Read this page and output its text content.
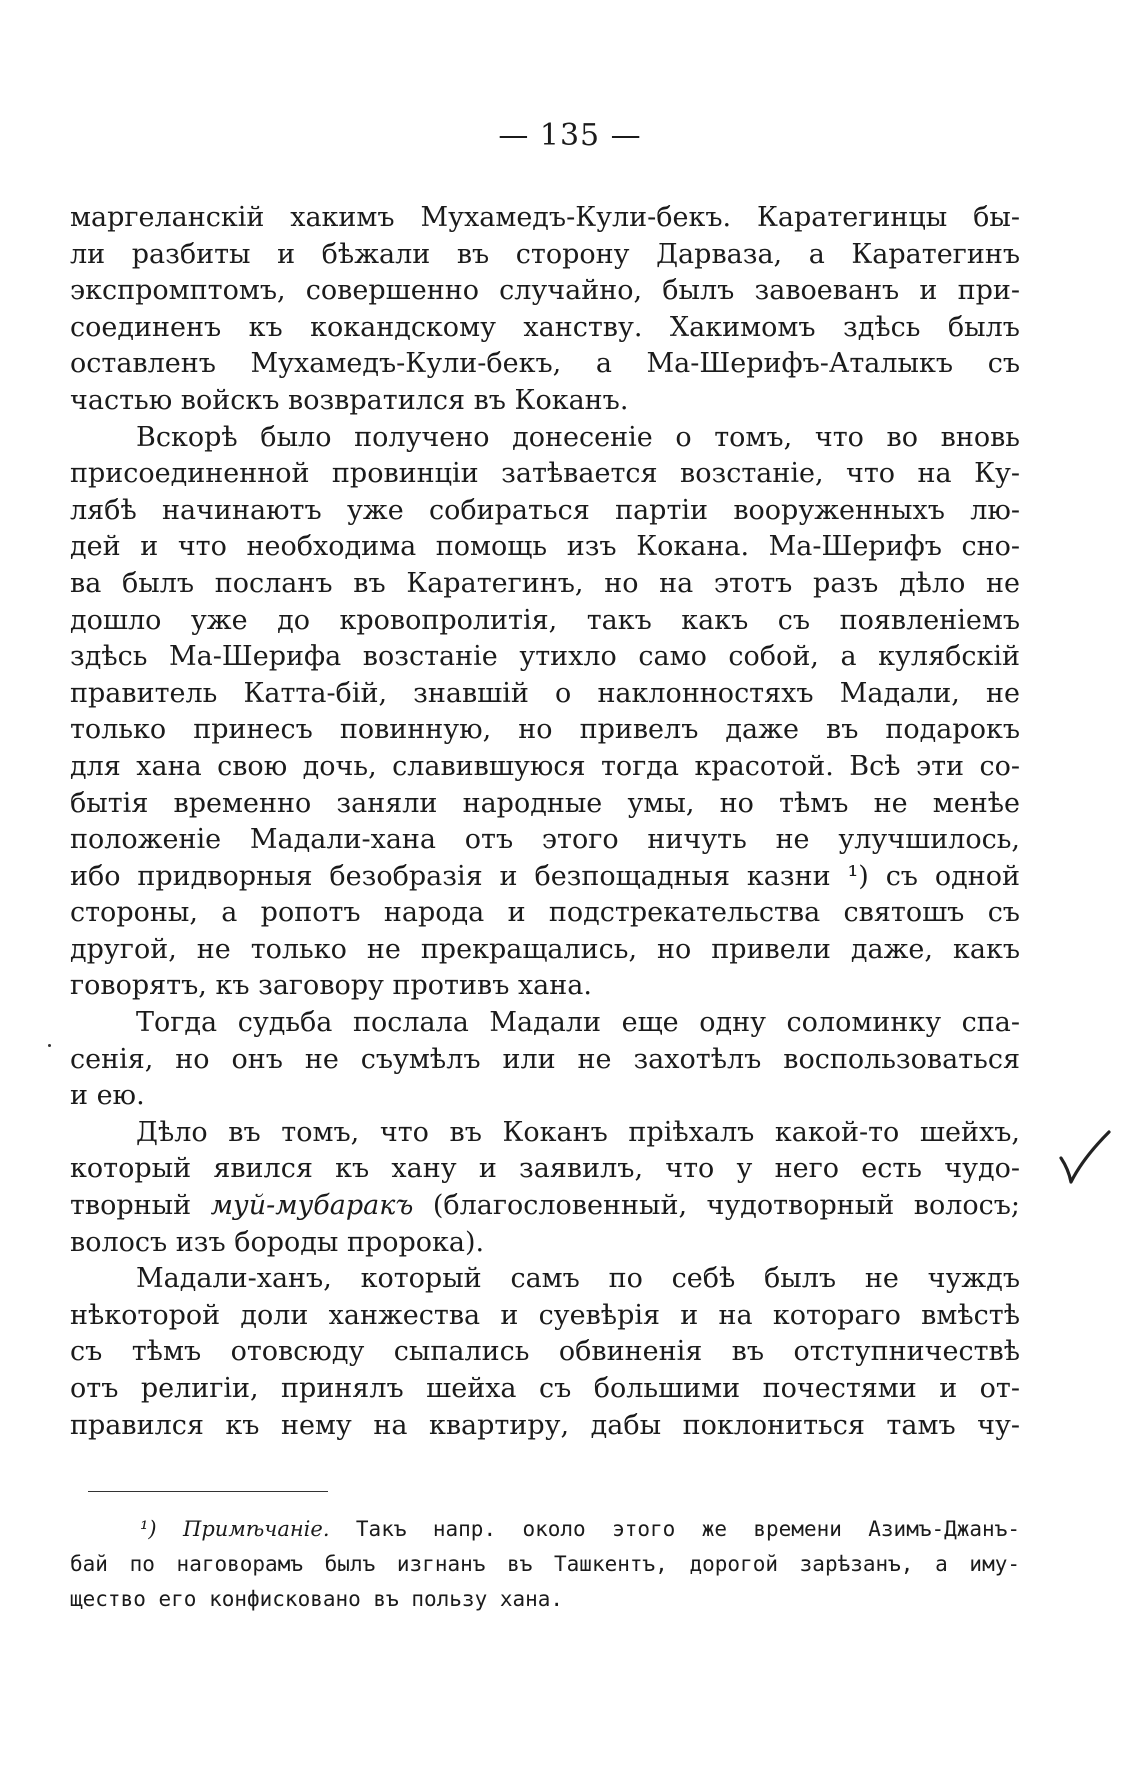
— 135 —
маргеланскій хакимъ Мухамедъ-Кули-бекъ. Каратегинцы бы-
ли разбиты и бѣжали въ сторону Дарваза, а Каратегинъ
экспромптомъ, совершенно случайно, былъ завоеванъ и при-
соединенъ къ кокандскому ханству. Хакимомъ здѣсь былъ
оставленъ Мухамедъ-Кули-бекъ, а Ма-Шерифъ-Аталыкъ съ
частью войскъ возвратился въ Коканъ.
Вскорѣ было получено донесеніе о томъ, что во вновь
присоединенной провинціи затѣвается возстаніе, что на Ку-
лябѣ начинаютъ уже собираться партіи вооруженныхъ лю-
дей и что необходима помощь изъ Кокана. Ма-Шерифъ сно-
ва былъ посланъ въ Каратегинъ, но на этотъ разъ дѣло не
дошло уже до кровопролитія, такъ какъ съ появленіемъ
здѣсь Ма-Шерифа возстаніе утихло само собой, а кулябскій
правитель Катта-бій, знавшій о наклонностяхъ Мадали, не
только принесъ повинную, но привелъ даже въ подарокъ
для хана свою дочь, славившуюся тогда красотой. Всѣ эти со-
бытія временно заняли народные умы, но тѣмъ не менѣе
положеніе Мадали-хана отъ этого ничуть не улучшилось,
ибо придворныя безобразія и безпощадныя казни ¹) съ одной
стороны, а ропотъ народа и подстрекательства святошъ съ
другой, не только не прекращались, но привели даже, какъ
говорятъ, къ заговору противъ хана.
Тогда судьба послала Мадали еще одну соломинку спа-
сенія, но онъ не съумѣлъ или не захотѣлъ воспользоваться
и ею.
Дѣло въ томъ, что въ Коканъ пріѣхалъ какой-то шейхъ,
который явился къ хану и заявилъ, что у него есть чудо-
творный муй-мубаракъ (благословенный, чудотворный волосъ;
волосъ изъ бороды пророка).
Мадали-ханъ, который самъ по себѣ былъ не чуждъ
нѣкоторой доли ханжества и суевѣрія и на котораго вмѣстѣ
съ тѣмъ отовсюду сыпались обвиненія въ отступничествѣ
отъ религіи, принялъ шейха съ большими почестями и от-
правился къ нему на квартиру, дабы поклониться тамъ чу-
¹) Примѣчаніе. Такъ напр. около этого же времени Азимъ-Джанъ-
бай по наговорамъ былъ изгнанъ въ Ташкентъ, дорогой зарѣзанъ, а иму-
щество его конфисковано въ пользу хана.
